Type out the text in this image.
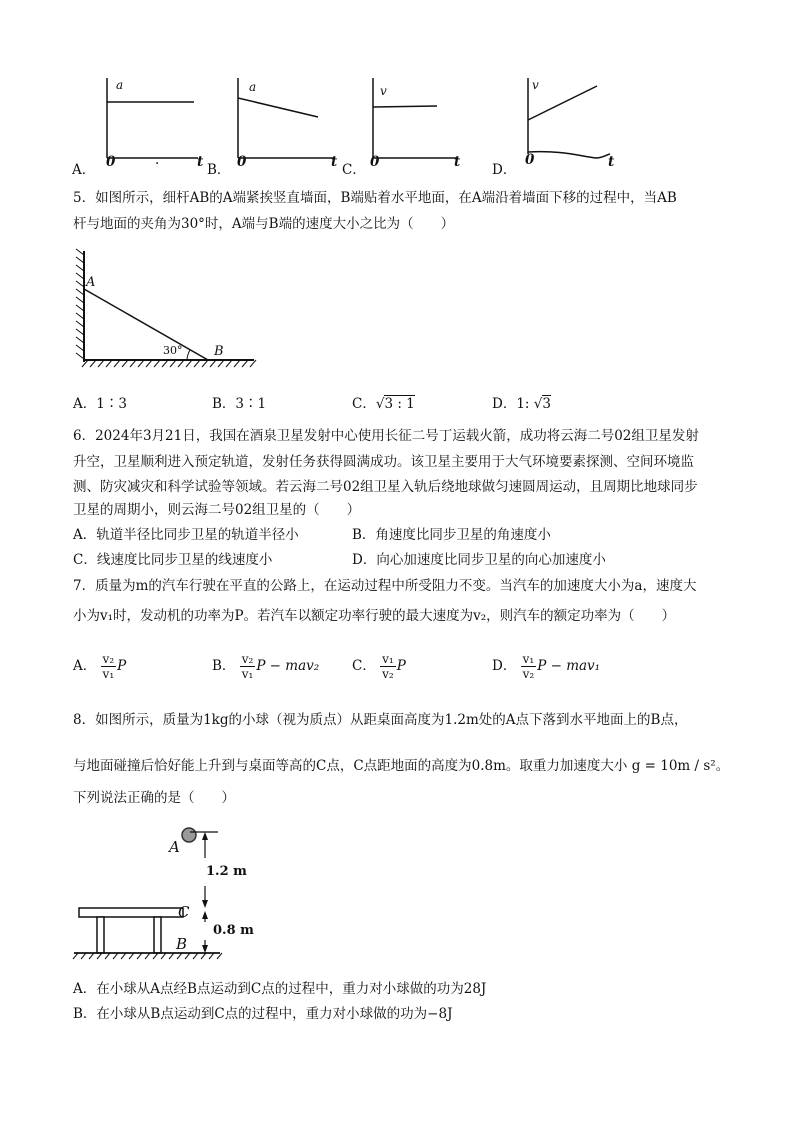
A．
a
0	.	t B．
a
0	t C．
v
0	t D．
v
0	t
5．如图所示，细杆AB的A端紧挨竖直墙面，B端贴着水平地面，在A端沿着墙面下移的过程中，当AB
杆与地面的夹角为30°时，A端与B端的速度大小之比为（　　）
A
B
30°
A．1∶3	B．3∶1	C．√3 : 1	D．1: √3
6．2024年3月21日，我国在酒泉卫星发射中心使用长征二号丁运载火箭，成功将云海二号02组卫星发射
升空，卫星顺利进入预定轨道，发射任务获得圆满成功。该卫星主要用于大气环境要素探测、空间环境监
测、防灾减灾和科学试验等领域。若云海二号02组卫星入轨后绕地球做匀速圆周运动，且周期比地球同步
卫星的周期小，则云海二号02组卫星的（　　）
A．轨道半径比同步卫星的轨道半径小	B．角速度比同步卫星的角速度小
C．线速度比同步卫星的线速度小	D．向心加速度比同步卫星的向心加速度小
7．质量为m的汽车行驶在平直的公路上，在运动过程中所受阻力不变。当汽车的加速度大小为a，速度大
小为v₁时，发动机的功率为P。若汽车以额定功率行驶的最大速度为v₂，则汽车的额定功率为（　　）
A． $\frac{\text{v₂}}{\text{v₁}}$ P	B． $\frac{\text{v₂}}{\text{v₁}}$ P − mav₂ C． $\frac{\text{v₁}}{\text{v₂}}$ P	D． $\frac{\text{v₁}}{\text{v₂}}$ P − mav₁
8．如图所示，质量为1kg的小球（视为质点）从距桌面高度为1.2m处的A点下落到水平地面上的B点，
与地面碰撞后恰好能上升到与桌面等高的C点，C点距地面的高度为0.8m。取重力加速度大小 g = 10m / s²。
下列说法正确的是（　　）
A
1.2 m
C
0.8 m
B
A．在小球从A点经B点运动到C点的过程中，重力对小球做的功为28J
B．在小球从B点运动到C点的过程中，重力对小球做的功为−8J
